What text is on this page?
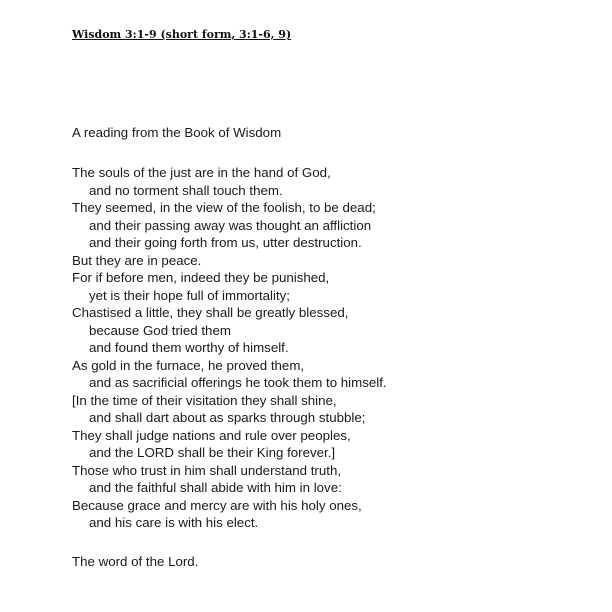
Wisdom 3:1-9 (short form, 3:1-6, 9)
A reading from the Book of Wisdom
The souls of the just are in the hand of God,
and no torment shall touch them.
They seemed, in the view of the foolish, to be dead;
and their passing away was thought an affliction
and their going forth from us, utter destruction.
But they are in peace.
For if before men, indeed they be punished,
yet is their hope full of immortality;
Chastised a little, they shall be greatly blessed,
because God tried them
and found them worthy of himself.
As gold in the furnace, he proved them,
and as sacrificial offerings he took them to himself.
[In the time of their visitation they shall shine,
and shall dart about as sparks through stubble;
They shall judge nations and rule over peoples,
and the LORD shall be their King forever.]
Those who trust in him shall understand truth,
and the faithful shall abide with him in love:
Because grace and mercy are with his holy ones,
and his care is with his elect.
The word of the Lord.
